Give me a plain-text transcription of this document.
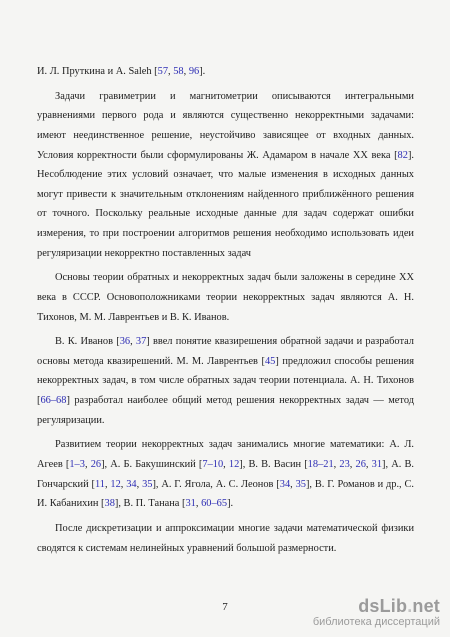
И. Л. Пруткина и А. Saleh [57, 58, 96].

Задачи гравиметрии и магнитометрии описываются интегральными уравнениями первого рода и являются существенно некорректными задачами: имеют неединственное решение, неустойчиво зависящее от входных данных. Условия корректности были сформулированы Ж. Адамаром в начале XX века [82]. Несоблюдение этих условий означает, что малые изменения в исходных данных могут привести к значительным отклонениям найденного приближённого решения от точного. Поскольку реальные исходные данные для задач содержат ошибки измерения, то при построении алгоритмов решения необходимо использовать идеи регуляризации некорректно поставленных задач

Основы теории обратных и некорректных задач были заложены в середине XX века в СССР. Основоположниками теории некорректных задач являются А. Н. Тихонов, М. М. Лаврентьев и В. К. Иванов.

В. К. Иванов [36, 37] ввел понятие квазирешения обратной задачи и разработал основы метода квазирешений. М. М. Лаврентьев [45] предложил способы решения некорректных задач, в том числе обратных задач теории потенциала. А. Н. Тихонов [66–68] разработал наиболее общий метод решения некорректных задач — метод регуляризации.

Развитием теории некорректных задач занимались многие математики: А. Л. Агеев [1–3, 26], А. Б. Бакушинский [7–10, 12], В. В. Васин [18–21, 23, 26, 31], А. В. Гончарский [11, 12, 34, 35], А. Г. Ягола, А. С. Леонов [34, 35], В. Г. Романов и др., С. И. Кабанихин [38], В. П. Танана [31, 60–65].

После дискретизации и аппроксимации многие задачи математической физики сводятся к системам нелинейных уравнений большой размерности.

7	dsLib.net
библиотека диссертаций
